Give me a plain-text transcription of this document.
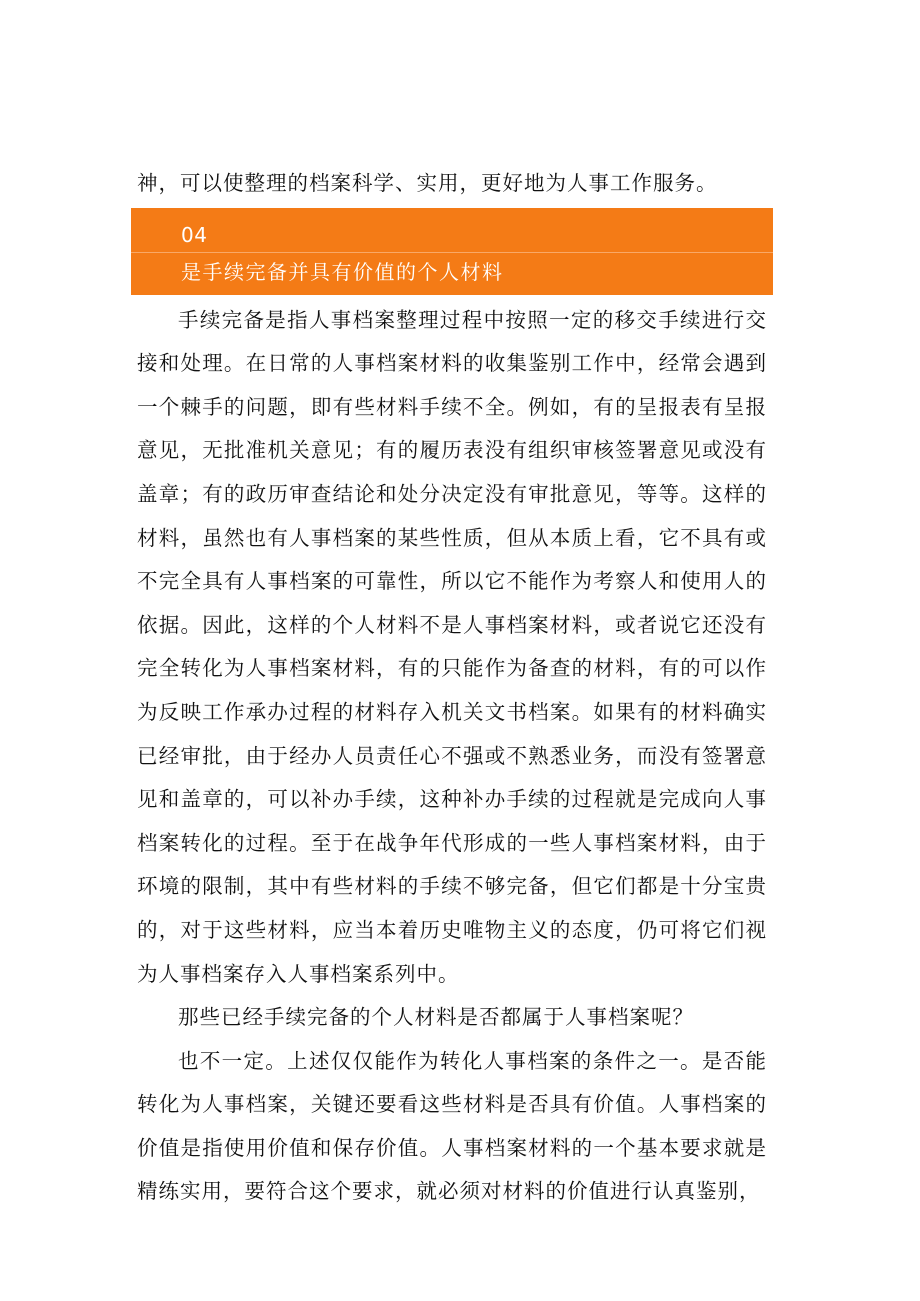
神，可以使整理的档案科学、实用，更好地为人事工作服务。

04
是手续完备并具有价值的个人材料

手续完备是指人事档案整理过程中按照一定的移交手续进行交接和处理。在日常的人事档案材料的收集鉴别工作中，经常会遇到一个棘手的问题，即有些材料手续不全。例如，有的呈报表有呈报意见，无批准机关意见；有的履历表没有组织审核签署意见或没有盖章；有的政历审查结论和处分决定没有审批意见，等等。这样的材料，虽然也有人事档案的某些性质，但从本质上看，它不具有或不完全具有人事档案的可靠性，所以它不能作为考察人和使用人的依据。因此，这样的个人材料不是人事档案材料，或者说它还没有完全转化为人事档案材料，有的只能作为备查的材料，有的可以作为反映工作承办过程的材料存入机关文书档案。如果有的材料确实已经审批，由于经办人员责任心不强或不熟悉业务，而没有签署意见和盖章的，可以补办手续，这种补办手续的过程就是完成向人事档案转化的过程。至于在战争年代形成的一些人事档案材料，由于环境的限制，其中有些材料的手续不够完备，但它们都是十分宝贵的，对于这些材料，应当本着历史唯物主义的态度，仍可将它们视为人事档案存入人事档案系列中。

那些已经手续完备的个人材料是否都属于人事档案呢？

也不一定。上述仅仅能作为转化人事档案的条件之一。是否能转化为人事档案，关键还要看这些材料是否具有价值。人事档案的价值是指使用价值和保存价值。人事档案材料的一个基本要求就是精练实用，要符合这个要求，就必须对材料的价值进行认真鉴别，
